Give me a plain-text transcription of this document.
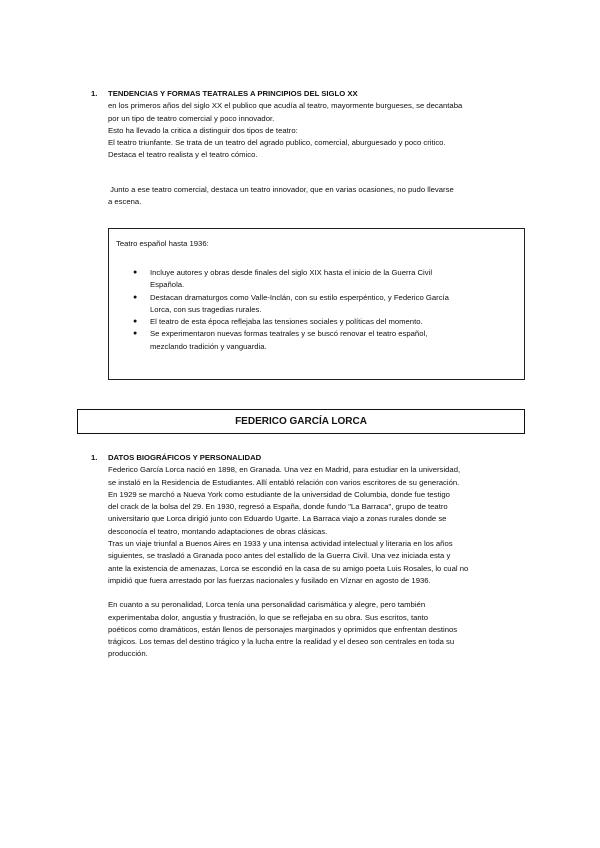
1. TENDENCIAS Y FORMAS TEATRALES A PRINCIPIOS DEL SIGLO XX

en los primeros años del siglo XX el publico que acudía al teatro, mayormente burgueses, se decantaba

por un tipo de teatro comercial y poco innovador.

Esto ha llevado la critica a distinguir dos tipos de teatro:

El teatro triunfante. Se trata de un teatro del agrado publico, comercial, aburguesado y poco critico.

Destaca el teatro realista y el teatro cómico.

Junto a ese teatro comercial, destaca un teatro innovador, que en varias ocasiones, no pudo llevarse

a escena.

Teatro español hasta 1936:
● Incluye autores y obras desde finales del siglo XIX hasta el inicio de la Guerra Civil
Española.
● Destacan dramaturgos como Valle-Inclán, con su estilo esperpéntico, y Federico García
Lorca, con sus tragedias rurales.
● El teatro de esta época reflejaba las tensiones sociales y políticas del momento.
● Se experimentaron nuevas formas teatrales y se buscó renovar el teatro español,
mezclando tradición y vanguardia.
FEDERICO GARCÍA LORCA
1. DATOS BIOGRÁFICOS Y PERSONALIDAD

Federico García Lorca nació en 1898, en Granada. Una vez en Madrid, para estudiar en la universidad,

se instaló en la Residencia de Estudiantes. Allí entabló relación con varios escritores de su generación.

En 1929 se marchó a Nueva York como estudiante de la universidad de Columbia, donde fue testigo

del crack de la bolsa del 29. En 1930, regresó a España, donde fundo "La Barraca", grupo de teatro

universitario que Lorca dirigió junto con Eduardo Ugarte. La Barraca viajo a zonas rurales donde se

desconocía el teatro, montando adaptaciones de obras clásicas.

Tras un viaje triunfal a Buenos Aires en 1933 y una intensa actividad intelectual y literaria en los años

siguientes, se trasladó a Granada poco antes del estallido de la Guerra Civil. Una vez iniciada esta y

ante la existencia de amenazas, Lorca se escondió en la casa de su amigo poeta Luis Rosales, lo cual no

impidió que fuera arrestado por las fuerzas nacionales y fusilado en Víznar en agosto de 1936.

En cuanto a su peronalidad, Lorca tenía una personalidad carismática y alegre, pero también

experimentaba dolor, angustia y frustración, lo que se reflejaba en su obra. Sus escritos, tanto

poéticos como dramáticos, están llenos de personajes marginados y oprimidos que enfrentan destinos

trágicos. Los temas del destino trágico y la lucha entre la realidad y el deseo son centrales en toda su

producción.
